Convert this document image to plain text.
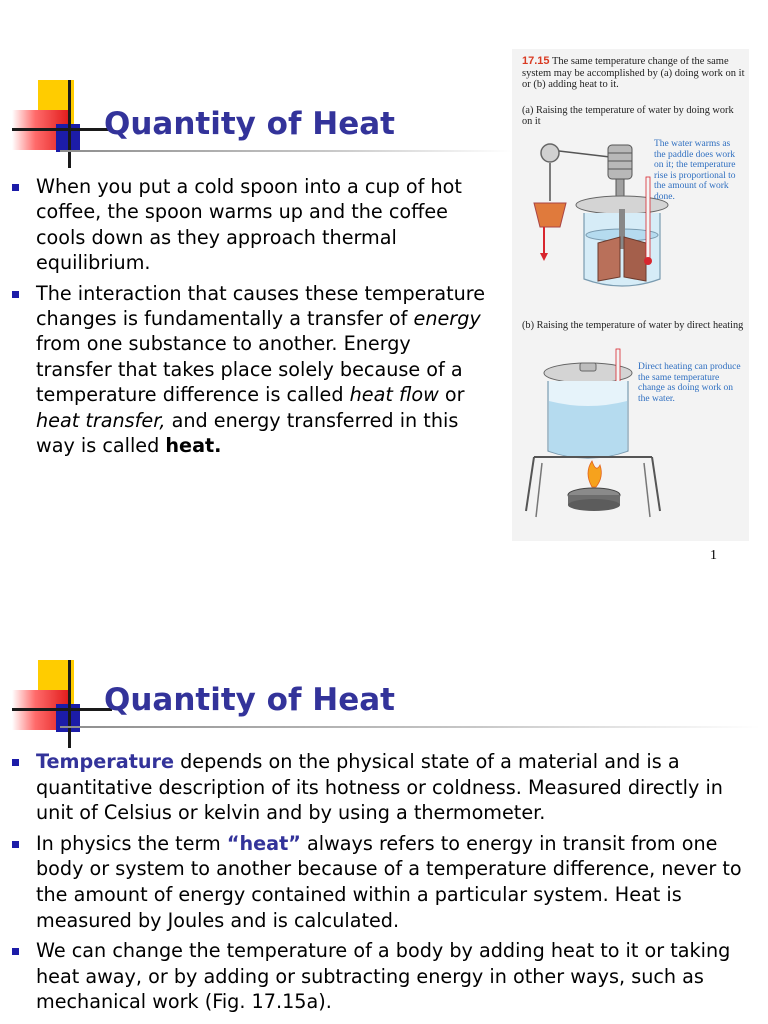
Quantity of Heat
When you put a cold spoon into a cup of hot coffee, the spoon warms up and the coffee cools down as they approach thermal equilibrium.
The interaction that causes these temperature changes is fundamentally a transfer of energy from one substance to another. Energy transfer that takes place solely because of a temperature difference is called heat flow or heat transfer, and energy transferred in this way is called heat.
17.15 The same temperature change of the same system may be accomplished by (a) doing work on it or (b) adding heat to it.
(a) Raising the temperature of water by doing work on it
The water warms as the paddle does work on it; the temperature rise is proportional to the amount of work done.
(b) Raising the temperature of water by direct heating
Direct heating can produce the same temperature change as doing work on the water.
1
Quantity of Heat
Temperature depends on the physical state of a material and is a quantitative description of its hotness or coldness. Measured directly in unit of Celsius or kelvin and by using a thermometer.
In physics the term “heat” always refers to energy in transit from one body or system to another because of a temperature difference, never to the amount of energy contained within a particular system. Heat is measured by Joules and is calculated.
We can change the temperature of a body by adding heat to it or taking heat away, or by adding or subtracting energy in other ways, such as mechanical work (Fig. 17.15a).
